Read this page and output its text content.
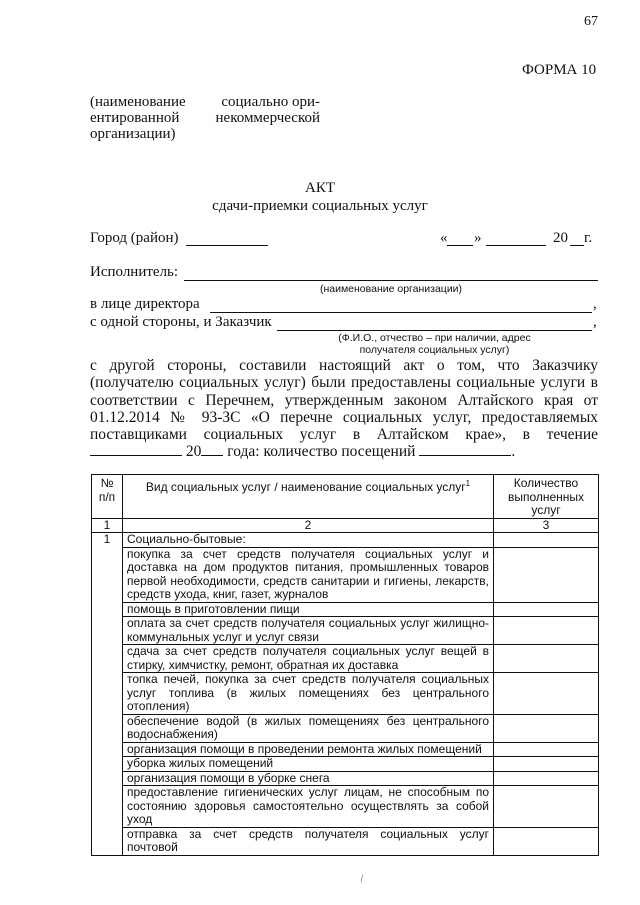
67
ФОРМА 10
(наименование социально ори-
ентированной некоммерческой
организации)
АКТ
сдачи-приемки социальных услуг
Город (район)	« »	20 г.
Исполнитель:
(наименование организации)
в лице директора	,
с одной стороны, и Заказчик	,
(Ф.И.О., отчество – при наличии, адрес
получателя социальных услуг)
с другой стороны, составили настоящий акт о том, что Заказчику (получателю социальных услуг) были предоставлены социальные услуги в соответствии с Перечнем, утвержденным законом Алтайского края от 01.12.2014 № 93-ЗС «О перечне социальных услуг, предоставляемых поставщиками социальных услуг в Алтайском крае», в течение  20 года: количество посещений	.
№ п/п	Вид социальных услуг / наименование социальных услуг$^1$	Количество выполненных услуг
1	2	3
1	Социально-бытовые:	
	покупка за счет средств получателя социальных услуг и доставка на дом продуктов питания, промышленных товаров первой необходимости, средств санитарии и гигиены, лекарств, средств ухода, книг, газет, журналов	
	помощь в приготовлении пищи	
	оплата за счет средств получателя социальных услуг жилищно-коммунальных услуг и услуг связи	
	сдача за счет средств получателя социальных услуг вещей в стирку, химчистку, ремонт, обратная их доставка	
	топка печей, покупка за счет средств получателя социальных услуг топлива (в жилых помещениях без центрального отопления)	
	обеспечение водой (в жилых помещениях без центрального водоснабжения)	
	организация помощи в проведении ремонта жилых помещений	
	уборка жилых помещений	
	организация помощи в уборке снега	
	предоставление гигиенических услуг лицам, не способным по состоянию здоровья самостоятельно осуществлять за собой уход	
	отправка за счет средств получателя социальных услуг почтовой	
\
